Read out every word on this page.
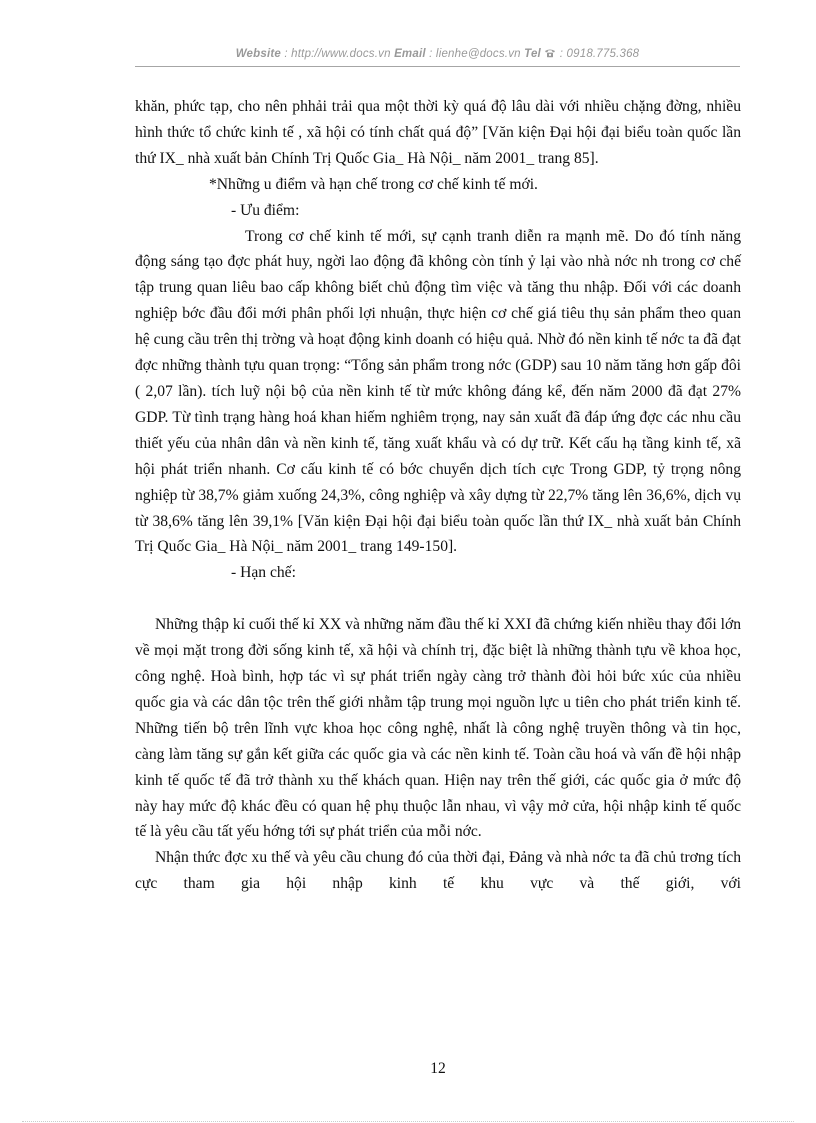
Website : http://www.docs.vn Email : lienhe@docs.vn Tel  : 0918.775.368

khăn, phức tạp, cho nên phhải trải qua một thời kỳ quá độ lâu dài với nhiều chặng đờng, nhiều hình thức tổ chức kinh tế , xã hội có tính chất quá độ” [Văn kiện Đại hội đại biểu toàn quốc lần thứ IX_ nhà xuất bản Chính Trị Quốc Gia_ Hà Nội_ năm 2001_ trang 85].

*Những u điểm và hạn chế trong cơ chế kinh tế mới.

- Ưu điểm:

Trong cơ chế kinh tế mới, sự cạnh tranh diễn ra mạnh mẽ. Do đó tính năng động sáng tạo đợc phát huy, ngời lao động đã không còn tính ỷ lại vào nhà nớc nh trong cơ chế tập trung quan liêu bao cấp không biết chủ động tìm việc và tăng thu nhập. Đối với các doanh nghiệp bớc đầu đổi mới phân phối lợi nhuận, thực hiện cơ chế giá tiêu thụ sản phẩm theo quan hệ cung cầu trên thị trờng và hoạt động kinh doanh có hiệu quả. Nhờ đó nền kinh tế nớc ta đã đạt đợc những thành tựu quan trọng: “Tổng sản phẩm trong nớc (GDP) sau 10 năm tăng hơn gấp đôi ( 2,07 lần). tích luỹ nội bộ của nền kinh tế từ mức không đáng kể, đến năm 2000 đã đạt 27% GDP. Từ tình trạng hàng hoá khan hiếm nghiêm trọng, nay sản xuất đã đáp ứng đợc các nhu cầu thiết yếu của nhân dân và nền kinh tế, tăng xuất khẩu và có dự trữ. Kết cấu hạ tầng kinh tế, xã hội phát triển nhanh. Cơ cấu kinh tế có bớc chuyển dịch tích cực Trong GDP, tỷ trọng nông nghiệp từ 38,7% giảm xuống 24,3%, công nghiệp và xây dựng từ 22,7% tăng lên 36,6%, dịch vụ từ 38,6% tăng lên 39,1% [Văn kiện Đại hội đại biểu toàn quốc lần thứ IX_ nhà xuất bản Chính Trị Quốc Gia_ Hà Nội_ năm 2001_ trang 149-150].

- Hạn chế:

Những thập kỉ cuối thế kỉ XX và những năm đầu thế kỉ XXI đã chứng kiến nhiều thay đổi lớn về mọi mặt trong đời sống kinh tế, xã hội và chính trị, đặc biệt là những thành tựu về khoa học, công nghệ. Hoà bình, hợp tác vì sự phát triển ngày càng trở thành đòi hỏi bức xúc của nhiều quốc gia và các dân tộc trên thế giới nhằm tập trung mọi nguồn lực u tiên cho phát triển kinh tế. Những tiến bộ trên lĩnh vực khoa học công nghệ, nhất là công nghệ truyền thông và tin học, càng làm tăng sự gắn kết giữa các quốc gia và các nền kinh tế. Toàn cầu hoá và vấn đề hội nhập kinh tế quốc tế đã trở thành xu thế khách quan. Hiện nay trên thế giới, các quốc gia ở mức độ này hay mức độ khác đều có quan hệ phụ thuộc lẫn nhau, vì vậy mở cửa, hội nhập kinh tế quốc tế là yêu cầu tất yếu hớng tới sự phát triển của mỗi nớc.

Nhận thức đợc xu thế và yêu cầu chung đó của thời đại, Đảng và nhà nớc ta đã chủ trơng tích cực tham gia hội nhập kinh tế khu vực và thế giới, với

12
